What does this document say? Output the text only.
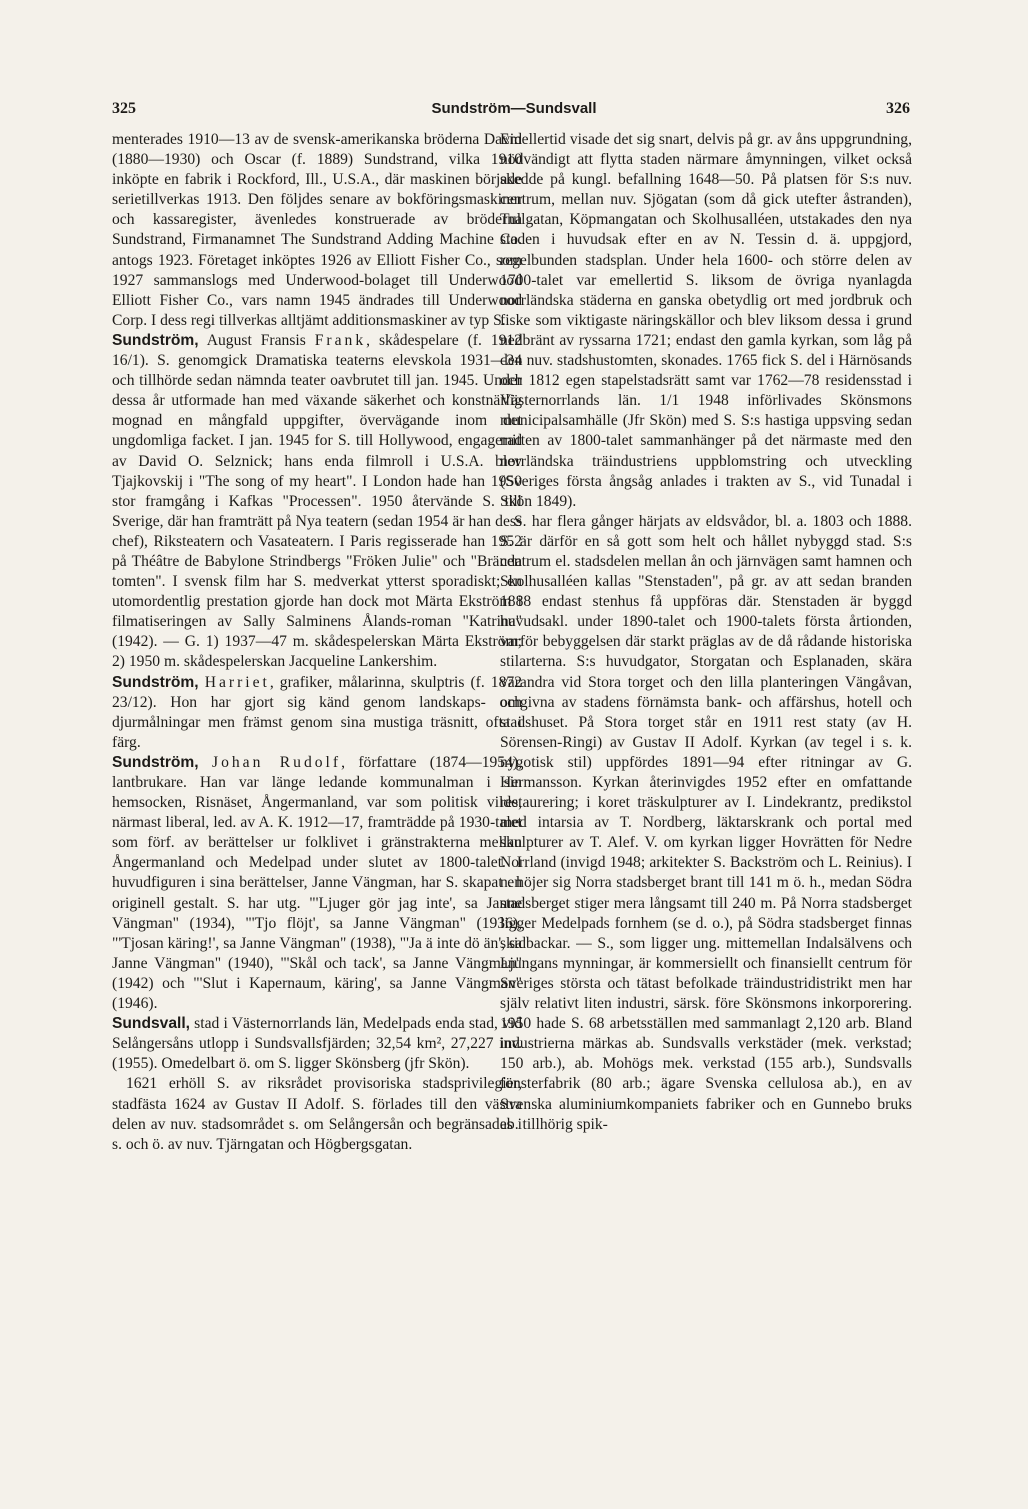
325	Sundström—Sundsvall	326

menterades 1910—13 av de svensk-amerikanska bröderna David (1880—1930) och Oscar (f. 1889) Sundstrand, vilka 1910 inköpte en fabrik i Rockford, Ill., U.S.A., där maskinen började serietillverkas 1913. Den följdes senare av bokföringsmaskiner och kassaregister, ävenledes konstruerade av bröderna Sundstrand, Firmanamnet The Sundstrand Adding Machine Co. antogs 1923. Företaget inköptes 1926 av Elliott Fisher Co., som 1927 sammanslogs med Underwood-bolaget till Underwood Elliott Fisher Co., vars namn 1945 ändrades till Underwood Corp. I dess regi tillverkas alltjämt additionsmaskiner av typ S.

Sundström, August Fransis Frank, skådespelare (f. 1912 16/1). S. genomgick Dramatiska teaterns elevskola 1931—34 och tillhörde sedan nämnda teater oavbrutet till jan. 1945. Under dessa år utformade han med växande säkerhet och konstnärlig mognad en mångfald uppgifter, övervägande inom det ungdomliga facket. I jan. 1945 for S. till Hollywood, engagerad av David O. Selznick; hans enda filmroll i U.S.A. blev Tjajkovskij i "The song of my heart". I London hade han 1950 stor framgång i Kafkas "Processen". 1950 återvände S. till Sverige, där han framträtt på Nya teatern (sedan 1954 är han dess chef), Riksteatern och Vasateatern. I Paris regisserade han 1952 på Théâtre de Babylone Strindbergs "Fröken Julie" och "Brända tomten". I svensk film har S. medverkat ytterst sporadiskt; en utomordentlig prestation gjorde han dock mot Märta Ekström i filmatiseringen av Sally Salminens Ålands-roman "Katrina" (1942). — G. 1) 1937—47 m. skådespelerskan Märta Ekström; 2) 1950 m. skådespelerskan Jacqueline Lankershim.

Sundström, Harriet, grafiker, målarinna, skulptris (f. 1872 23/12). Hon har gjort sig känd genom landskaps- och djurmålningar men främst genom sina mustiga träsnitt, ofta i färg.

Sundström, Johan Rudolf, författare (1874—1954), lantbrukare. Han var länge ledande kommunalman i sin hemsocken, Risnäset, Ångermanland, var som politisk vilde, närmast liberal, led. av A. K. 1912—17, framträdde på 1930-talet som förf. av berättelser ur folklivet i gränstrakterna mellan Ångermanland och Medelpad under slutet av 1800-talet. I huvudfiguren i sina berättelser, Janne Vängman, har S. skapat en originell gestalt. S. har utg. "'Ljuger gör jag inte', sa Janne Vängman" (1934), "'Tjo flöjt', sa Janne Vängman" (1936), "'Tjosan käring!', sa Janne Vängman" (1938), "'Ja ä inte dö än', sa Janne Vängman" (1940), "'Skål och tack', sa Janne Vängman" (1942) och "'Slut i Kapernaum, käring', sa Janne Vängman" (1946).

Sundsvall, stad i Västernorrlands län, Medelpads enda stad, vid Selångersåns utlopp i Sundsvallsfjärden; 32,54 km², 27,227 inv. (1955). Omedelbart ö. om S. ligger Skönsberg (jfr Skön).

1621 erhöll S. av riksrådet provisoriska stadsprivilegier, stadfästa 1624 av Gustav II Adolf. S. förlades till den västra delen av nuv. stadsområdet s. om Selångersån och begränsades i s. och ö. av nuv. Tjärngatan och Högbergsgatan.

Emellertid visade det sig snart, delvis på gr. av åns uppgrundning, nödvändigt att flytta staden närmare åmynningen, vilket också skedde på kungl. befallning 1648—50. På platsen för S:s nuv. centrum, mellan nuv. Sjögatan (som då gick utefter åstranden), Tullgatan, Köpmangatan och Skolhusalléen, utstakades den nya staden i huvudsak efter en av N. Tessin d. ä. uppgjord, regelbunden stadsplan. Under hela 1600- och större delen av 1700-talet var emellertid S. liksom de övriga nyanlagda norrländska städerna en ganska obetydlig ort med jordbruk och fiske som viktigaste näringskällor och blev liksom dessa i grund nedbränt av ryssarna 1721; endast den gamla kyrkan, som låg på den nuv. stadshustomten, skonades. 1765 fick S. del i Härnösands och 1812 egen stapelstadsrätt samt var 1762—78 residensstad i Västernorrlands län. 1/1 1948 införlivades Skönsmons municipalsamhälle (Jfr Skön) med S. S:s hastiga uppsving sedan mitten av 1800-talet sammanhänger på det närmaste med den norrländska träindustriens uppblomstring och utveckling (Sveriges första ångsåg anlades i trakten av S., vid Tunadal i Skön 1849).

S. har flera gånger härjats av eldsvådor, bl. a. 1803 och 1888. S. är därför en så gott som helt och hållet nybyggd stad. S:s centrum el. stadsdelen mellan ån och järnvägen samt hamnen och Skolhusalléen kallas "Stenstaden", på gr. av att sedan branden 1888 endast stenhus få uppföras där. Stenstaden är byggd huvudsakl. under 1890-talet och 1900-talets första årtionden, varför bebyggelsen där starkt präglas av de då rådande historiska stilarterna. S:s huvudgator, Storgatan och Esplanaden, skära varandra vid Stora torget och den lilla planteringen Vängåvan, omgivna av stadens förnämsta bank- och affärshus, hotell och stadshuset. På Stora torget står en 1911 rest staty (av H. Sörensen-Ringi) av Gustav II Adolf. Kyrkan (av tegel i s. k. nygotisk stil) uppfördes 1891—94 efter ritningar av G. Hermansson. Kyrkan återinvigdes 1952 efter en omfattande restaurering; i koret träskulpturer av I. Lindekrantz, predikstol med intarsia av T. Nordberg, läktarskrank och portal med skulpturer av T. Alef. V. om kyrkan ligger Hovrätten för Nedre Norrland (invigd 1948; arkitekter S. Backström och L. Reinius). I n. höjer sig Norra stadsberget brant till 141 m ö. h., medan Södra stadsberget stiger mera långsamt till 240 m. På Norra stadsberget ligger Medelpads fornhem (se d. o.), på Södra stadsberget finnas skidbackar. — S., som ligger ung. mittemellan Indalsälvens och Ljungans mynningar, är kommersiellt och finansiellt centrum för Sveriges största och tätast befolkade träindustridistrikt men har själv relativt liten industri, särsk. före Skönsmons inkorporering. 1950 hade S. 68 arbetsställen med sammanlagt 2,120 arb. Bland industrierna märkas ab. Sundsvalls verkstäder (mek. verkstad; 150 arb.), ab. Mohögs mek. verkstad (155 arb.), Sundsvalls fönsterfabrik (80 arb.; ägare Svenska cellulosa ab.), en av Svenska aluminiumkompaniets fabriker och en Gunnebo bruks ab. tillhörig spik-
